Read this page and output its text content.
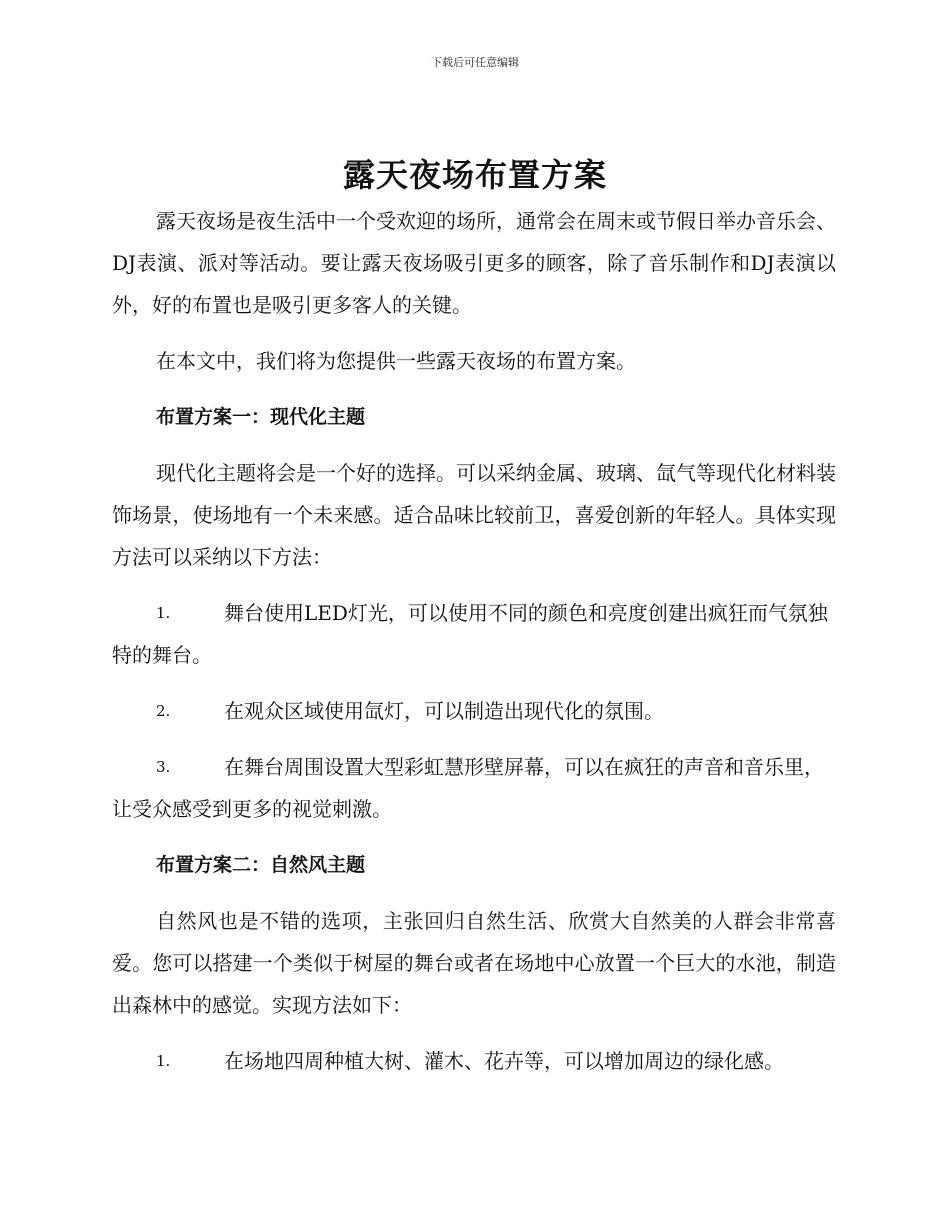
下载后可任意编辑
露天夜场布置方案

露天夜场是夜生活中一个受欢迎的场所，通常会在周末或节假日举办音乐会、DJ表演、派对等活动。要让露天夜场吸引更多的顾客，除了音乐制作和DJ表演以外，好的布置也是吸引更多客人的关键。

在本文中，我们将为您提供一些露天夜场的布置方案。

布置方案一：现代化主题

现代化主题将会是一个好的选择。可以采纳金属、玻璃、氙气等现代化材料装饰场景，使场地有一个未来感。适合品味比较前卫，喜爱创新的年轻人。具体实现方法可以采纳以下方法：

1.	舞台使用LED灯光，可以使用不同的颜色和亮度创建出疯狂而气氛独特的舞台。

2.	在观众区域使用氙灯，可以制造出现代化的氛围。

3.	在舞台周围设置大型彩虹慧形壁屏幕，可以在疯狂的声音和音乐里，让受众感受到更多的视觉刺激。

布置方案二：自然风主题

自然风也是不错的选项，主张回归自然生活、欣赏大自然美的人群会非常喜爱。您可以搭建一个类似于树屋的舞台或者在场地中心放置一个巨大的水池，制造出森林中的感觉。实现方法如下：

1.	在场地四周种植大树、灌木、花卉等，可以增加周边的绿化感。
